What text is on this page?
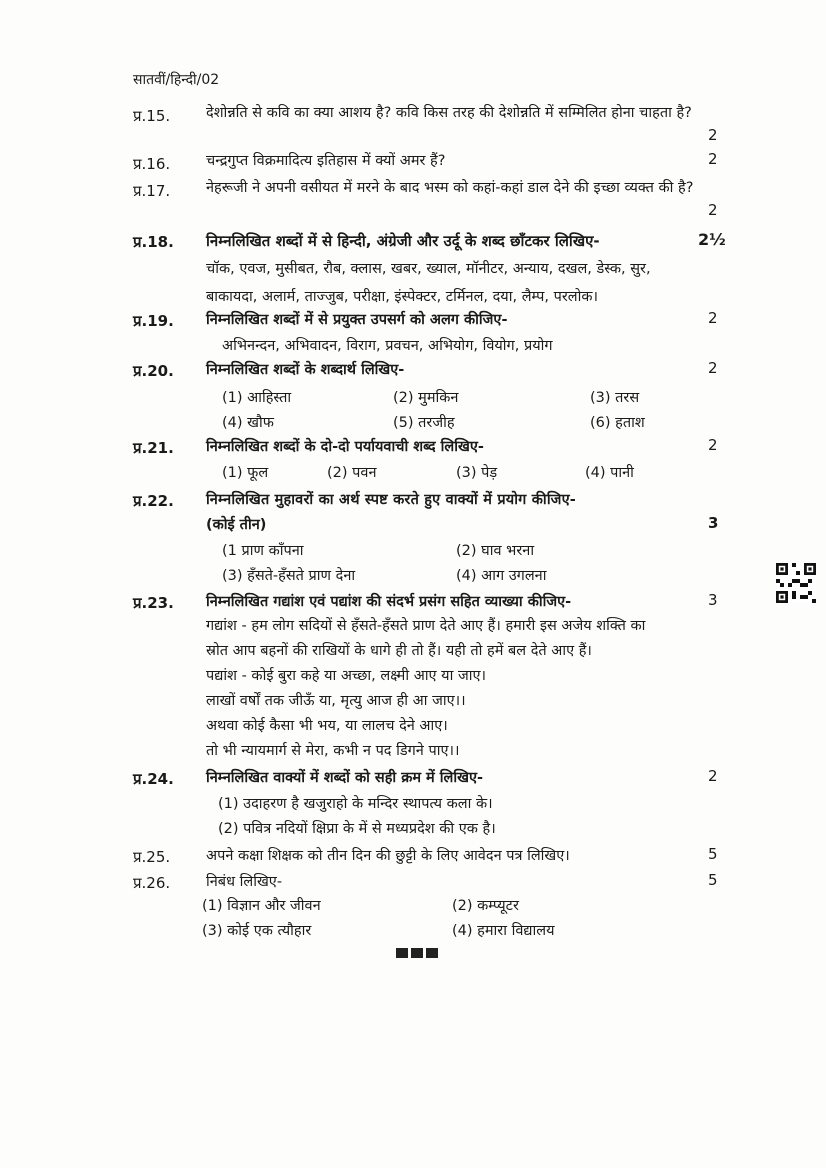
सातवीं/हिन्दी/02
प्र.15. देशोन्नति से कवि का क्या आशय है? कवि किस तरह की देशोन्नति में सम्मिलित होना चाहता है?
2
प्र.16. चन्द्रगुप्त विक्रमादित्य इतिहास में क्यों अमर हैं?	2
प्र.17. नेहरूजी ने अपनी वसीयत में मरने के बाद भस्म को कहां-कहां डाल देने की इच्छा व्यक्त की है?
2
प्र.18. निम्नलिखित शब्दों में से हिन्दी, अंग्रेजी और उर्दू के शब्द छाँटकर लिखिए-	2½
चॉक, एवज, मुसीबत, रौब, क्लास, खबर, ख्याल, मॉनीटर, अन्याय, दखल, डेस्क, सुर,
बाकायदा, अलार्म, ताज्जुब, परीक्षा, इंस्पेक्टर, टर्मिनल, दया, लैम्प, परलोक।
प्र.19. निम्नलिखित शब्दों में से प्रयुक्त उपसर्ग को अलग कीजिए-	2
अभिनन्दन, अभिवादन, विराग, प्रवचन, अभियोग, वियोग, प्रयोग
प्र.20. निम्नलिखित शब्दों के शब्दार्थ लिखिए-	2
(1) आहिस्ता	(2) मुमकिन	(3) तरस
(4) खौफ	(5) तरजीह	(6) हताश
प्र.21. निम्नलिखित शब्दों के दो-दो पर्यायवाची शब्द लिखिए-	2
(1) फूल	(2) पवन	(3) पेड़	(4) पानी
प्र.22. निम्नलिखित मुहावरों का अर्थ स्पष्ट करते हुए वाक्यों में प्रयोग कीजिए-
(कोई तीन)	3
(1 प्राण काँपना	(2) घाव भरना
(3) हँसते-हँसते प्राण देना	(4) आग उगलना
प्र.23. निम्नलिखित गद्यांश एवं पद्यांश की संदर्भ प्रसंग सहित व्याख्या कीजिए-	3
गद्यांश - हम लोग सदियों से हँसते-हँसते प्राण देते आए हैं। हमारी इस अजेय शक्ति का
स्रोत आप बहनों की राखियों के धागे ही तो हैं। यही तो हमें बल देते आए हैं।
पद्यांश - कोई बुरा कहे या अच्छा, लक्ष्मी आए या जाए।
लाखों वर्षों तक जीऊँ या, मृत्यु आज ही आ जाए।।
अथवा कोई कैसा भी भय, या लालच देने आए।
तो भी न्यायमार्ग से मेरा, कभी न पद डिगने पाए।।
प्र.24. निम्नलिखित वाक्यों में शब्दों को सही क्रम में लिखिए-	2
(1) उदाहरण है खजुराहो के मन्दिर स्थापत्य कला के।
(2) पवित्र नदियों क्षिप्रा के में से मध्यप्रदेश की एक है।
प्र.25. अपने कक्षा शिक्षक को तीन दिन की छुट्टी के लिए आवेदन पत्र लिखिए।	5
प्र.26. निबंध लिखिए-	5
(1) विज्ञान और जीवन	(2) कम्प्यूटर
(3) कोई एक त्यौहार	(4) हमारा विद्यालय
